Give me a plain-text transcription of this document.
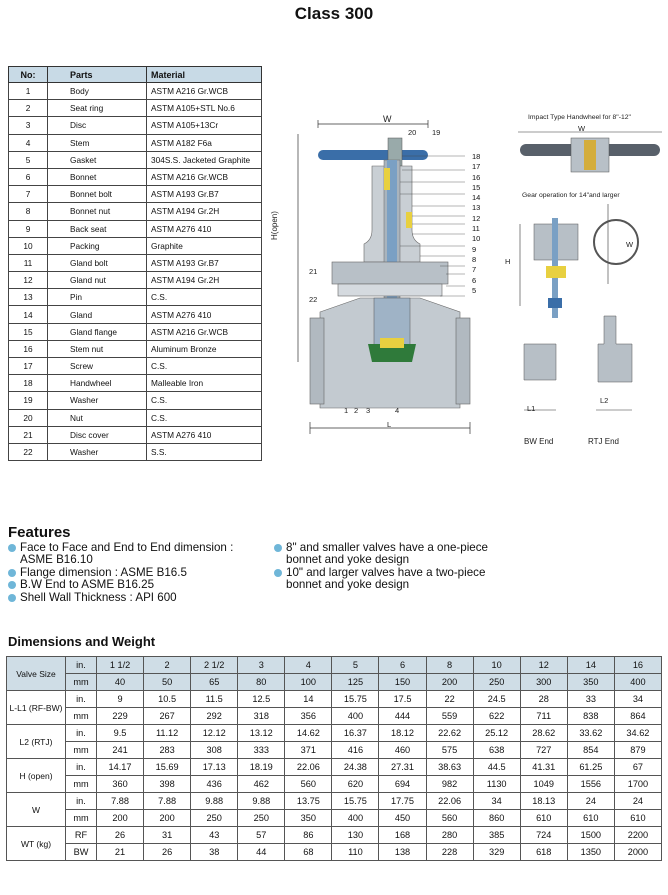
Class 300
No:	Parts	Material
1	Body	ASTM A216 Gr.WCB
2	Seat ring	ASTM A105+STL No.6
3	Disc	ASTM A105+13Cr
4	Stem	ASTM A182 F6a
5	Gasket	304S.S. Jacketed Graphite
6	Bonnet	ASTM A216 Gr.WCB
7	Bonnet bolt	ASTM A193 Gr.B7
8	Bonnet nut	ASTM A194 Gr.2H
9	Back seat	ASTM A276 410
10	Packing	Graphite
11	Gland bolt	ASTM A193 Gr.B7
12	Gland nut	ASTM A194 Gr.2H
13	Pin	C.S.
14	Gland	ASTM A276 410
15	Gland flange	ASTM A216 Gr.WCB
16	Stem nut	Aluminum Bronze
17	Screw	C.S.
18	Handwheel	Malleable Iron
19	Washer	C.S.
20	Nut	C.S.
21	Disc cover	ASTM A276 410
22	Washer	S.S.
W
H(open)
L
20 19
18
17
16
15
14
13
12
11
10
9
8
7
6
5
21
22
1 2 3	4
Impact Type Handwheel for 8"-12"
W
Gear operation for 14"and larger
H
W
L1
BW End
L2
RTJ End
Features
Face to Face and End to End dimension :
ASME B16.10
Flange dimension : ASME B16.5
B.W End to ASME B16.25
Shell Wall Thickness : API 600
8" and smaller valves have a one-piece
bonnet and yoke design
10" and larger valves have a two-piece
bonnet and yoke design
Dimensions and Weight
Valve Size	in.	1 1/2	2	2 1/2	3	4	5	6	8	10	12	14	16
	mm	40	50	65	80	100	125	150	200	250	300	350	400
L-L1 (RF-BW)	in.	9	10.5	11.5	12.5	14	15.75	17.5	22	24.5	28	33	34
	mm	229	267	292	318	356	400	444	559	622	711	838	864
L2 (RTJ)	in.	9.5	11.12	12.12	13.12	14.62	16.37	18.12	22.62	25.12	28.62	33.62	34.62
	mm	241	283	308	333	371	416	460	575	638	727	854	879
H (open)	in.	14.17	15.69	17.13	18.19	22.06	24.38	27.31	38.63	44.5	41.31	61.25	67
	mm	360	398	436	462	560	620	694	982	1130	1049	1556	1700
W	in.	7.88	7.88	9.88	9.88	13.75	15.75	17.75	22.06	34	18.13	24	24
	mm	200	200	250	250	350	400	450	560	860	610	610	610
WT (kg)	RF	26	31	43	57	86	130	168	280	385	724	1500	2200
	BW	21	26	38	44	68	110	138	228	329	618	1350	2000
